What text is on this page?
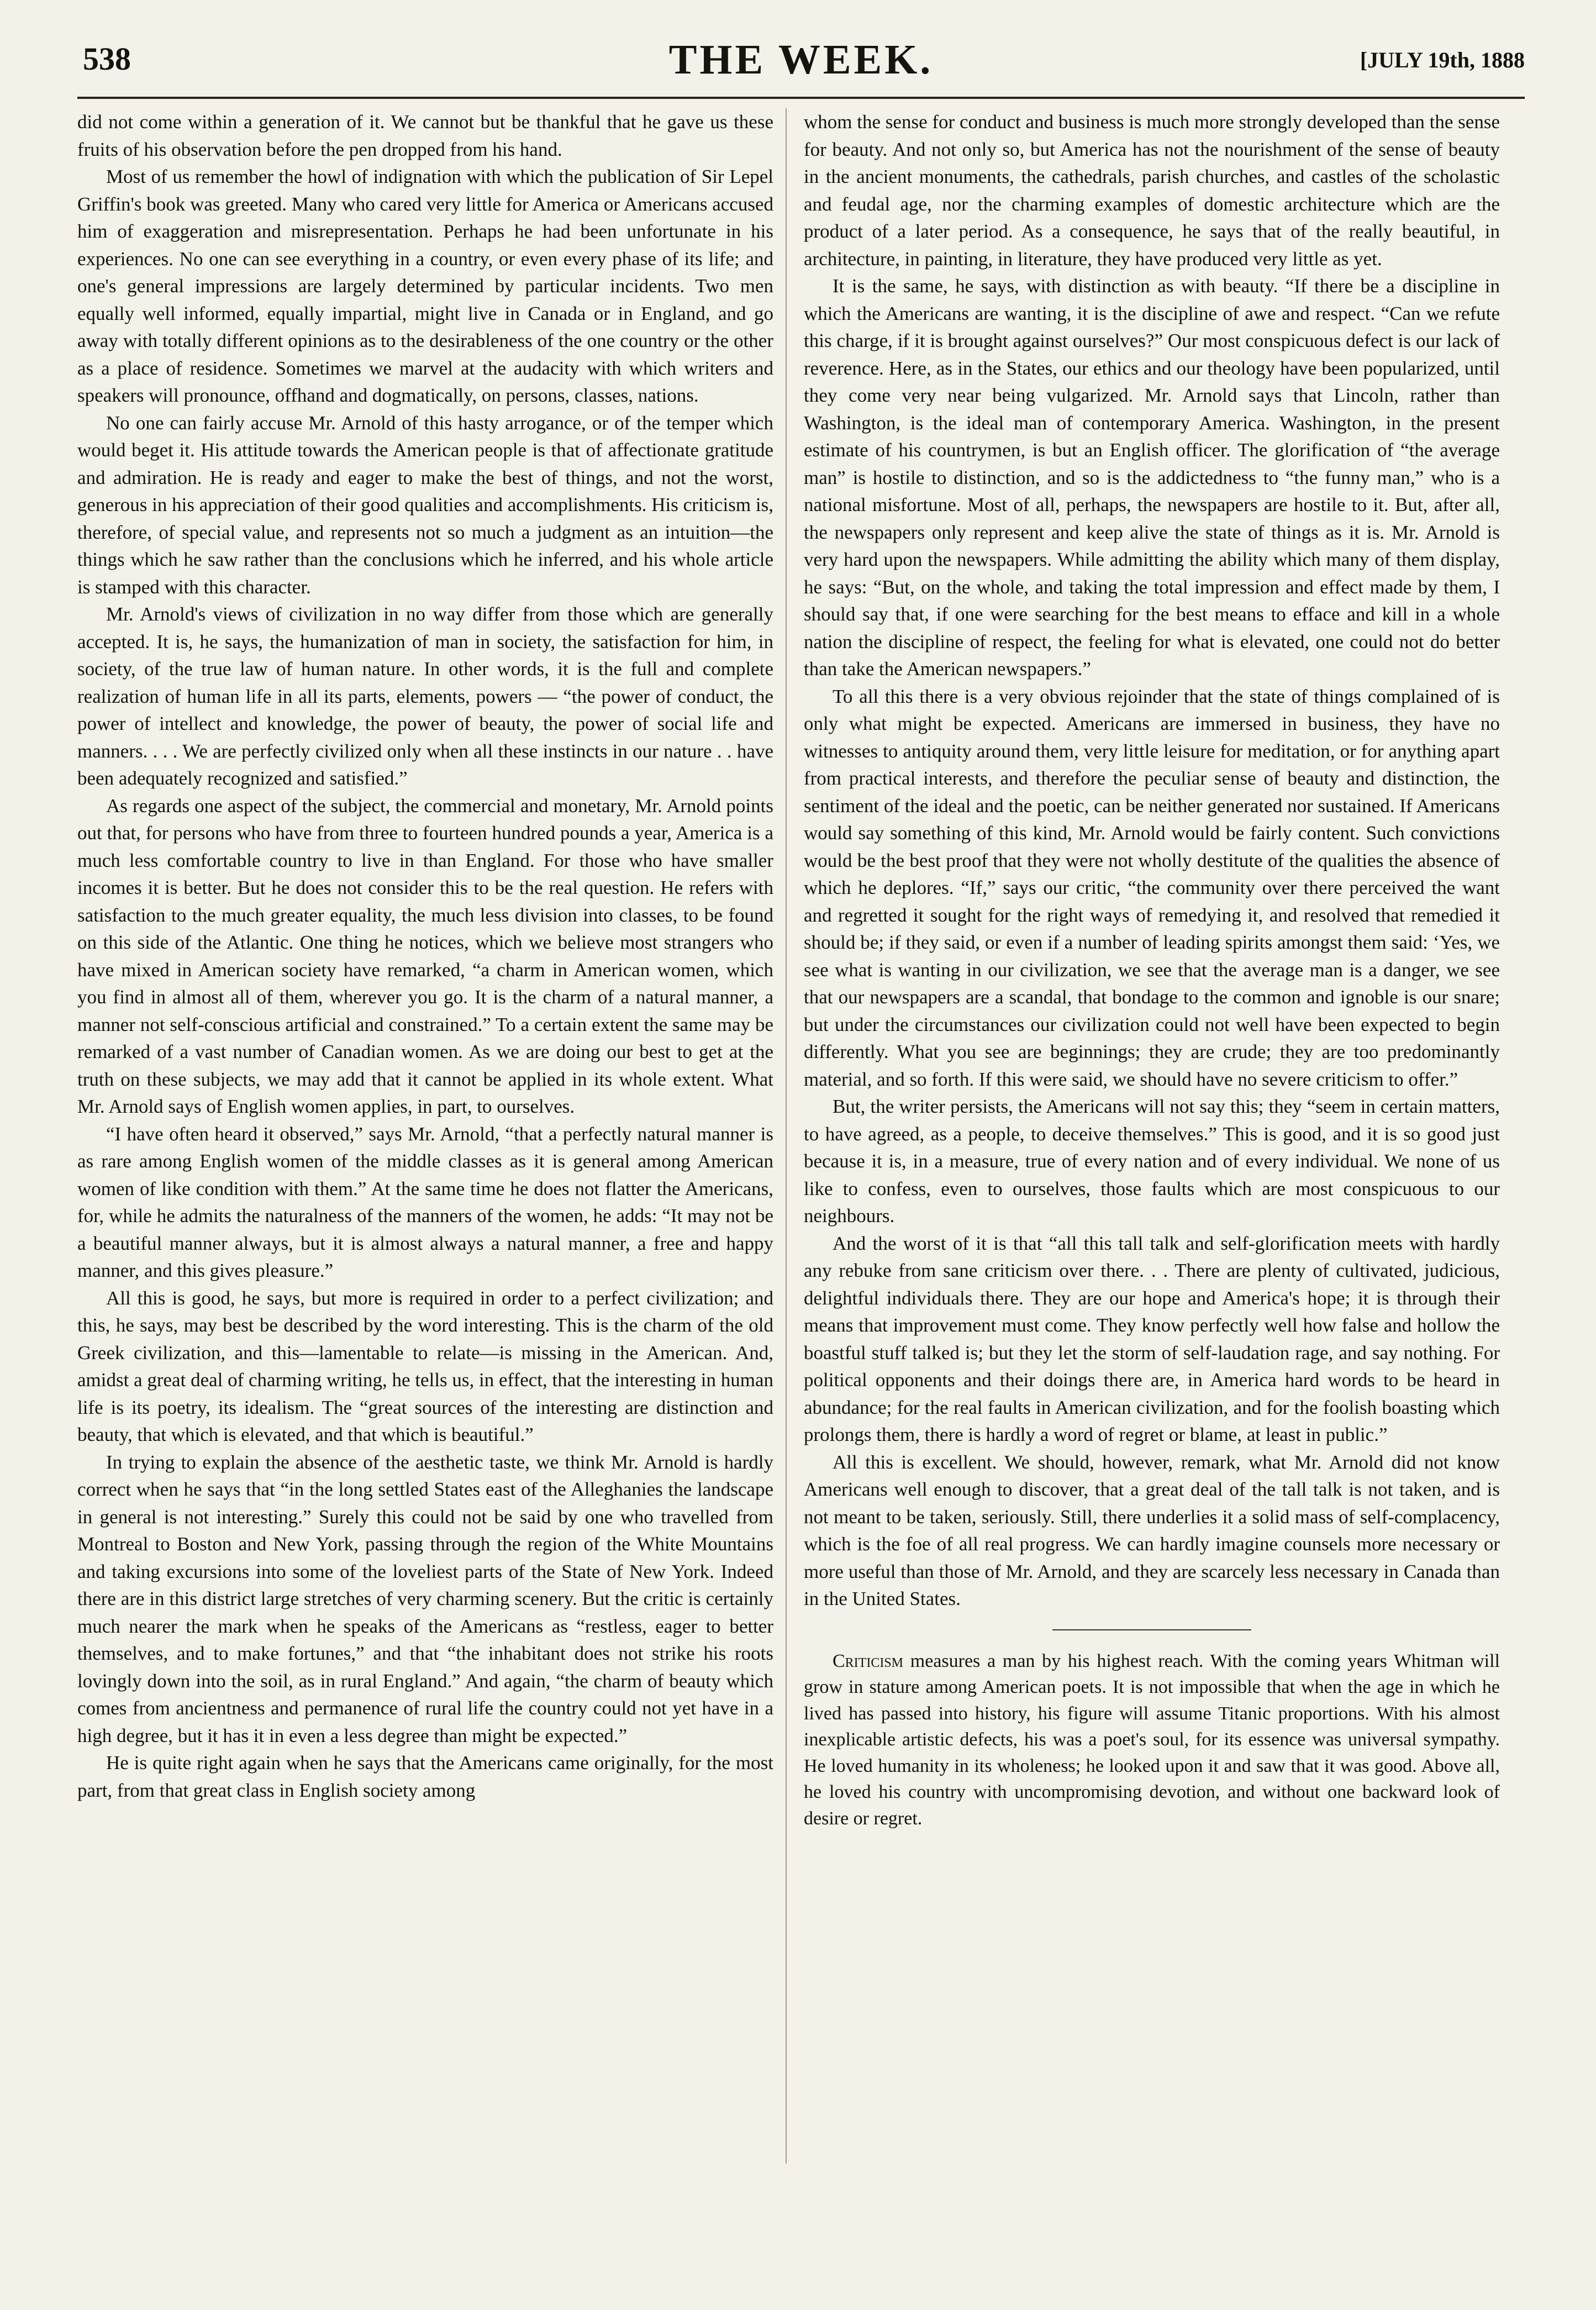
538	THE WEEK.	[JULY 19th, 1888

did not come within a generation of it. We cannot but be thankful that he gave us these fruits of his observation before the pen dropped from his hand.

Most of us remember the howl of indignation with which the publication of Sir Lepel Griffin's book was greeted. Many who cared very little for America or Americans accused him of exaggeration and misrepresentation. Perhaps he had been unfortunate in his experiences. No one can see everything in a country, or even every phase of its life; and one's general impressions are largely determined by particular incidents. Two men equally well informed, equally impartial, might live in Canada or in England, and go away with totally different opinions as to the desirableness of the one country or the other as a place of residence. Sometimes we marvel at the audacity with which writers and speakers will pronounce, offhand and dogmatically, on persons, classes, nations.

No one can fairly accuse Mr. Arnold of this hasty arrogance, or of the temper which would beget it. His attitude towards the American people is that of affectionate gratitude and admiration. He is ready and eager to make the best of things, and not the worst, generous in his appreciation of their good qualities and accomplishments. His criticism is, therefore, of special value, and represents not so much a judgment as an intuition—the things which he saw rather than the conclusions which he inferred, and his whole article is stamped with this character.

Mr. Arnold's views of civilization in no way differ from those which are generally accepted. It is, he says, the humanization of man in society, the satisfaction for him, in society, of the true law of human nature. In other words, it is the full and complete realization of human life in all its parts, elements, powers — “the power of conduct, the power of intellect and knowledge, the power of beauty, the power of social life and manners. . . . We are perfectly civilized only when all these instincts in our nature . . have been adequately recognized and satisfied.”

As regards one aspect of the subject, the commercial and monetary, Mr. Arnold points out that, for persons who have from three to fourteen hundred pounds a year, America is a much less comfortable country to live in than England. For those who have smaller incomes it is better. But he does not consider this to be the real question. He refers with satisfaction to the much greater equality, the much less division into classes, to be found on this side of the Atlantic. One thing he notices, which we believe most strangers who have mixed in American society have remarked, “a charm in American women, which you find in almost all of them, wherever you go. It is the charm of a natural manner, a manner not self-conscious artificial and constrained.” To a certain extent the same may be remarked of a vast number of Canadian women. As we are doing our best to get at the truth on these subjects, we may add that it cannot be applied in its whole extent. What Mr. Arnold says of English women applies, in part, to ourselves.

“I have often heard it observed,” says Mr. Arnold, “that a perfectly natural manner is as rare among English women of the middle classes as it is general among American women of like condition with them.” At the same time he does not flatter the Americans, for, while he admits the naturalness of the manners of the women, he adds: “It may not be a beautiful manner always, but it is almost always a natural manner, a free and happy manner, and this gives pleasure.”

All this is good, he says, but more is required in order to a perfect civilization; and this, he says, may best be described by the word interesting. This is the charm of the old Greek civilization, and this—lamentable to relate—is missing in the American. And, amidst a great deal of charming writing, he tells us, in effect, that the interesting in human life is its poetry, its idealism. The “great sources of the interesting are distinction and beauty, that which is elevated, and that which is beautiful.”

In trying to explain the absence of the aesthetic taste, we think Mr. Arnold is hardly correct when he says that “in the long settled States east of the Alleghanies the landscape in general is not interesting.” Surely this could not be said by one who travelled from Montreal to Boston and New York, passing through the region of the White Mountains and taking excursions into some of the loveliest parts of the State of New York. Indeed there are in this district large stretches of very charming scenery. But the critic is certainly much nearer the mark when he speaks of the Americans as “restless, eager to better themselves, and to make fortunes,” and that “the inhabitant does not strike his roots lovingly down into the soil, as in rural England.” And again, “the charm of beauty which comes from ancientness and permanence of rural life the country could not yet have in a high degree, but it has it in even a less degree than might be expected.”

He is quite right again when he says that the Americans came originally, for the most part, from that great class in English society among

whom the sense for conduct and business is much more strongly developed than the sense for beauty. And not only so, but America has not the nourishment of the sense of beauty in the ancient monuments, the cathedrals, parish churches, and castles of the scholastic and feudal age, nor the charming examples of domestic architecture which are the product of a later period. As a consequence, he says that of the really beautiful, in architecture, in painting, in literature, they have produced very little as yet.

It is the same, he says, with distinction as with beauty. “If there be a discipline in which the Americans are wanting, it is the discipline of awe and respect. “Can we refute this charge, if it is brought against ourselves?” Our most conspicuous defect is our lack of reverence. Here, as in the States, our ethics and our theology have been popularized, until they come very near being vulgarized. Mr. Arnold says that Lincoln, rather than Washington, is the ideal man of contemporary America. Washington, in the present estimate of his countrymen, is but an English officer. The glorification of “the average man” is hostile to distinction, and so is the addictedness to “the funny man,” who is a national misfortune. Most of all, perhaps, the newspapers are hostile to it. But, after all, the newspapers only represent and keep alive the state of things as it is. Mr. Arnold is very hard upon the newspapers. While admitting the ability which many of them display, he says: “But, on the whole, and taking the total impression and effect made by them, I should say that, if one were searching for the best means to efface and kill in a whole nation the discipline of respect, the feeling for what is elevated, one could not do better than take the American newspapers.”

To all this there is a very obvious rejoinder that the state of things complained of is only what might be expected. Americans are immersed in business, they have no witnesses to antiquity around them, very little leisure for meditation, or for anything apart from practical interests, and therefore the peculiar sense of beauty and distinction, the sentiment of the ideal and the poetic, can be neither generated nor sustained. If Americans would say something of this kind, Mr. Arnold would be fairly content. Such convictions would be the best proof that they were not wholly destitute of the qualities the absence of which he deplores. “If,” says our critic, “the community over there perceived the want and regretted it sought for the right ways of remedying it, and resolved that remedied it should be; if they said, or even if a number of leading spirits amongst them said: ‘Yes, we see what is wanting in our civilization, we see that the average man is a danger, we see that our newspapers are a scandal, that bondage to the common and ignoble is our snare; but under the circumstances our civilization could not well have been expected to begin differently. What you see are beginnings; they are crude; they are too predominantly material, and so forth. If this were said, we should have no severe criticism to offer.”

But, the writer persists, the Americans will not say this; they “seem in certain matters, to have agreed, as a people, to deceive themselves.” This is good, and it is so good just because it is, in a measure, true of every nation and of every individual. We none of us like to confess, even to ourselves, those faults which are most conspicuous to our neighbours.

And the worst of it is that “all this tall talk and self-glorification meets with hardly any rebuke from sane criticism over there. . . There are plenty of cultivated, judicious, delightful individuals there. They are our hope and America's hope; it is through their means that improvement must come. They know perfectly well how false and hollow the boastful stuff talked is; but they let the storm of self-laudation rage, and say nothing. For political opponents and their doings there are, in America hard words to be heard in abundance; for the real faults in American civilization, and for the foolish boasting which prolongs them, there is hardly a word of regret or blame, at least in public.”

All this is excellent. We should, however, remark, what Mr. Arnold did not know Americans well enough to discover, that a great deal of the tall talk is not taken, and is not meant to be taken, seriously. Still, there underlies it a solid mass of self-complacency, which is the foe of all real progress. We can hardly imagine counsels more necessary or more useful than those of Mr. Arnold, and they are scarcely less necessary in Canada than in the United States.

Criticism measures a man by his highest reach. With the coming years Whitman will grow in stature among American poets. It is not impossible that when the age in which he lived has passed into history, his figure will assume Titanic proportions. With his almost inexplicable artistic defects, his was a poet's soul, for its essence was universal sympathy. He loved humanity in its wholeness; he looked upon it and saw that it was good. Above all, he loved his country with uncompromising devotion, and without one backward look of desire or regret.
